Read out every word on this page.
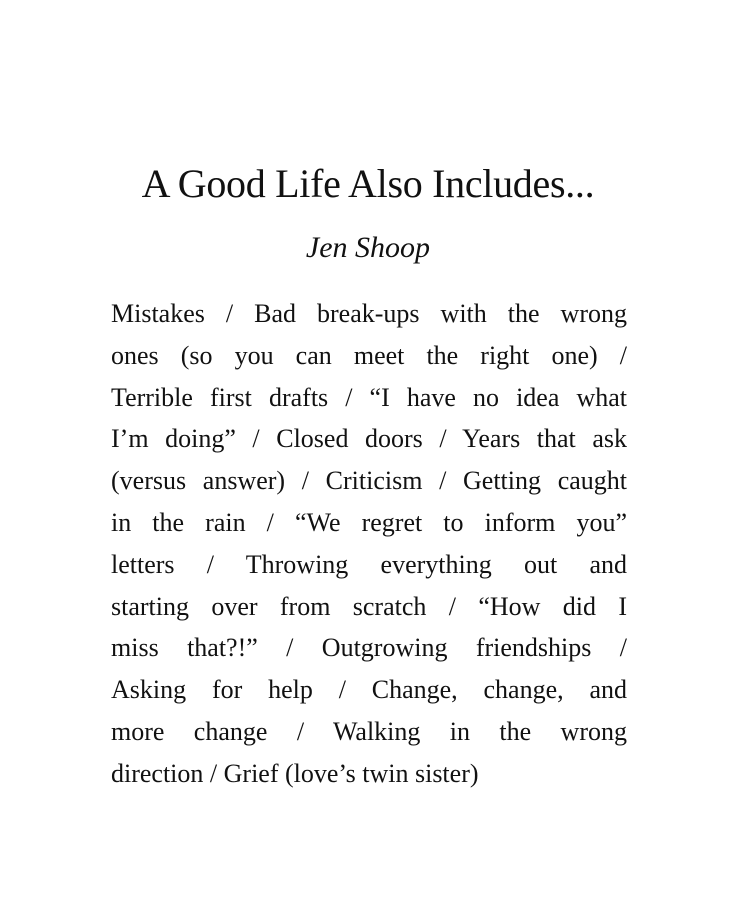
A Good Life Also Includes...
Jen Shoop
Mistakes / Bad break-ups with the wrong
ones (so you can meet the right one) /
Terrible first drafts / “I have no idea what
I’m doing” / Closed doors / Years that ask
(versus answer) / Criticism / Getting caught
in the rain / “We regret to inform you”
letters / Throwing everything out and
starting over from scratch / “How did I
miss that?!” / Outgrowing friendships /
Asking for help / Change, change, and
more change / Walking in the wrong
direction / Grief (love’s twin sister)
